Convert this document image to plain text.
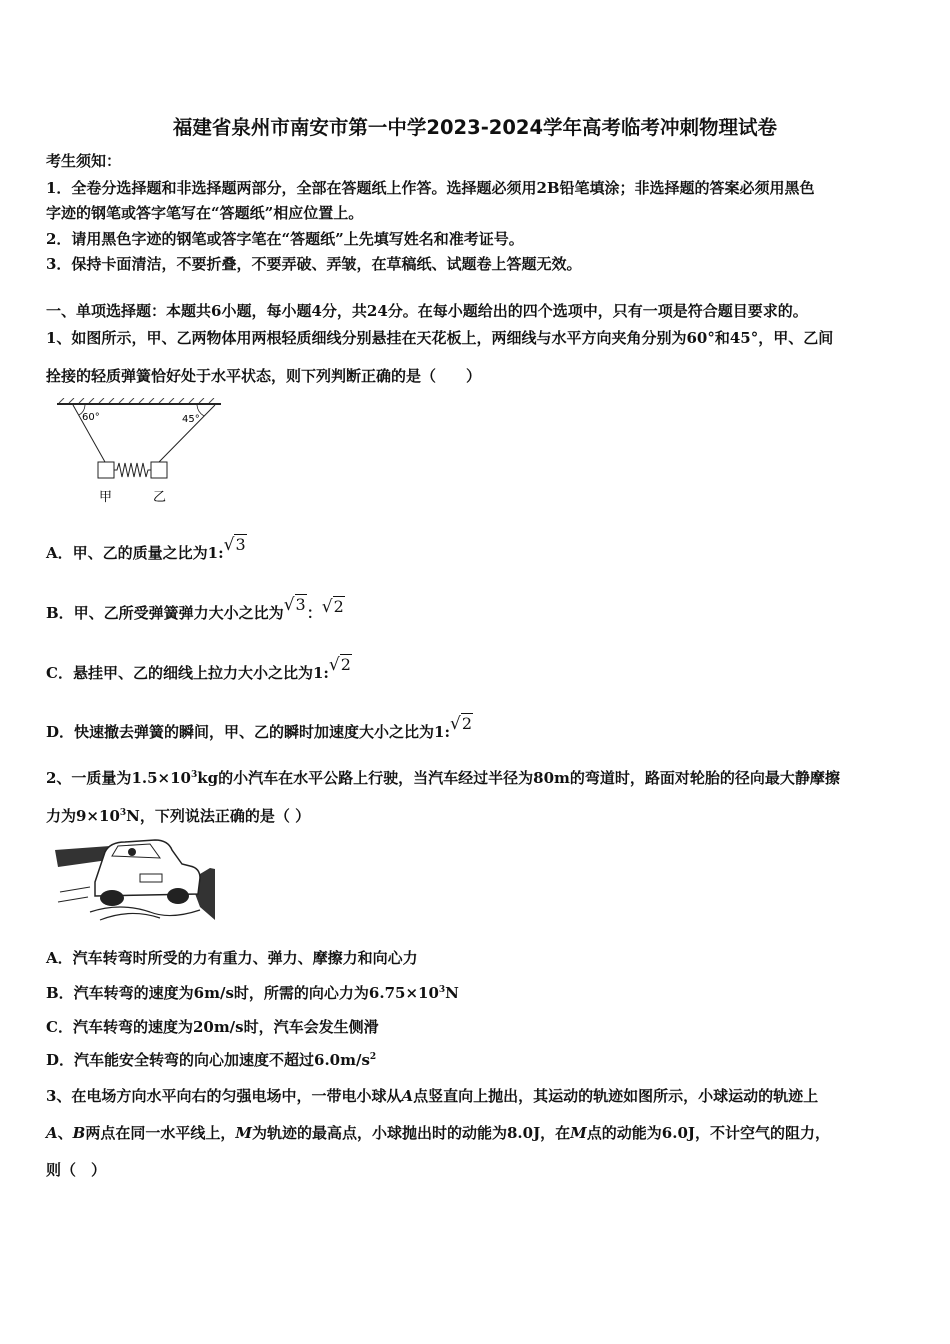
福建省泉州市南安市第一中学2023-2024学年高考临考冲刺物理试卷
考生须知：
1．全卷分选择题和非选择题两部分，全部在答题纸上作答。选择题必须用2B铅笔填涂；非选择题的答案必须用黑色
字迹的钢笔或答字笔写在“答题纸”相应位置上。
2．请用黑色字迹的钢笔或答字笔在“答题纸”上先填写姓名和准考证号。
3．保持卡面清洁，不要折叠，不要弄破、弄皱，在草稿纸、试题卷上答题无效。
一、单项选择题：本题共6小题，每小题4分，共24分。在每小题给出的四个选项中，只有一项是符合题目要求的。
1、如图所示，甲、乙两物体用两根轻质细线分别悬挂在天花板上，两细线与水平方向夹角分别为60°和45°，甲、乙间
拴接的轻质弹簧恰好处于水平状态，则下列判断正确的是（　　）
60°	45°
甲	乙
A．甲、乙的质量之比为1:√3
B．甲、乙所受弹簧弹力大小之比为√3：√2
C．悬挂甲、乙的细线上拉力大小之比为1:√2
D．快速撤去弹簧的瞬间，甲、乙的瞬时加速度大小之比为1:√2
2、一质量为$1.5\times 10^3kg$的小汽车在水平公路上行驶，当汽车经过半径为80m的弯道时，路面对轮胎的径向最大静摩擦
力为$9\times 10^3N$，下列说法正确的是（ ）
A．汽车转弯时所受的力有重力、弹力、摩擦力和向心力
B．汽车转弯的速度为6m/s时，所需的向心力为$6.75\times 10^3N$
C．汽车转弯的速度为20m/s时，汽车会发生侧滑
D．汽车能安全转弯的向心加速度不超过$6.0m/s^2$
3、在电场方向水平向右的匀强电场中，一带电小球从A点竖直向上抛出，其运动的轨迹如图所示，小球运动的轨迹上
A、B两点在同一水平线上，M为轨迹的最高点，小球抛出时的动能为8.0J，在M点的动能为6.0J，不计空气的阻力，
则（　）
